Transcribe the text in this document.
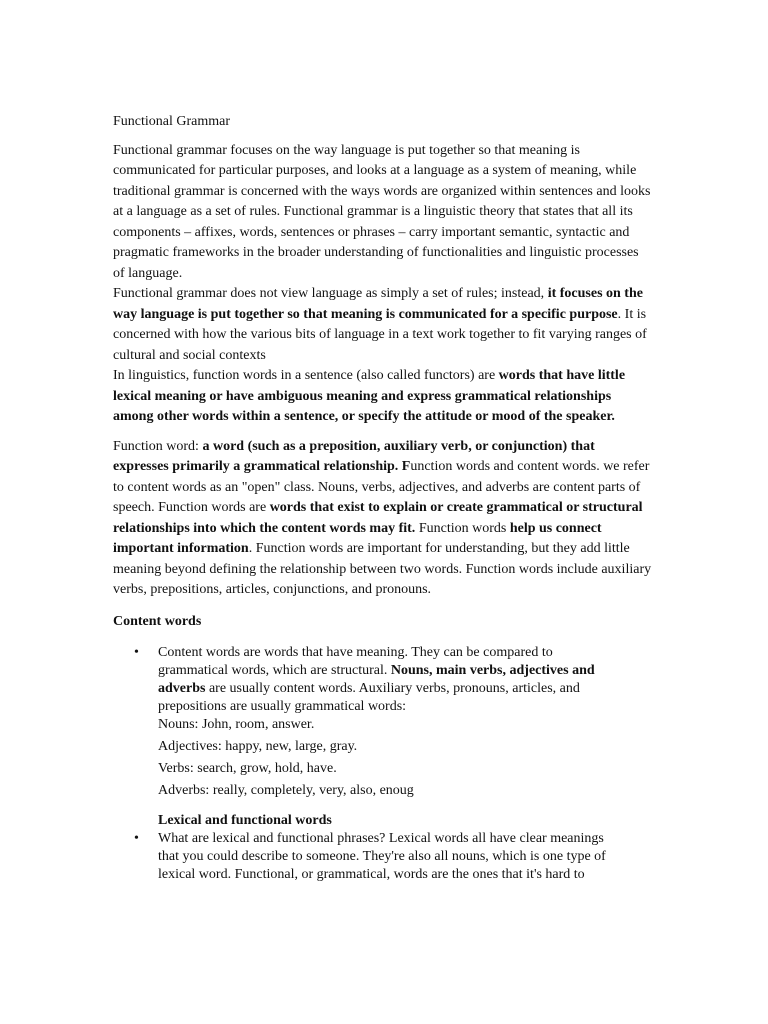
Functional Grammar

Functional grammar focuses on the way language is put together so that meaning is communicated for particular purposes, and looks at a language as a system of meaning, while traditional grammar is concerned with the ways words are organized within sentences and looks at a language as a set of rules. Functional grammar is a linguistic theory that states that all its components – affixes, words, sentences or phrases – carry important semantic, syntactic and pragmatic frameworks in the broader understanding of functionalities and linguistic processes of language.

Functional grammar does not view language as simply a set of rules; instead, it focuses on the way language is put together so that meaning is communicated for a specific purpose. It is concerned with how the various bits of language in a text work together to fit varying ranges of cultural and social contexts

In linguistics, function words in a sentence (also called functors) are words that have little lexical meaning or have ambiguous meaning and express grammatical relationships among other words within a sentence, or specify the attitude or mood of the speaker.

Function word: a word (such as a preposition, auxiliary verb, or conjunction) that expresses primarily a grammatical relationship. Function words and content words. we refer to content words as an "open" class. Nouns, verbs, adjectives, and adverbs are content parts of speech. Function words are words that exist to explain or create grammatical or structural relationships into which the content words may fit. Function words help us connect important information. Function words are important for understanding, but they add little meaning beyond defining the relationship between two words. Function words include auxiliary verbs, prepositions, articles, conjunctions, and pronouns.

Content words

• Content words are words that have meaning. They can be compared to
grammatical words, which are structural. Nouns, main verbs, adjectives and
adverbs are usually content words. Auxiliary verbs, pronouns, articles, and
prepositions are usually grammatical words:
Nouns: John, room, answer.
Adjectives: happy, new, large, gray.
Verbs: search, grow, hold, have.
Adverbs: really, completely, very, also, enoug

Lexical and functional words

• What are lexical and functional phrases? Lexical words all have clear meanings
that you could describe to someone. They're also all nouns, which is one type of
lexical word. Functional, or grammatical, words are the ones that it's hard to
